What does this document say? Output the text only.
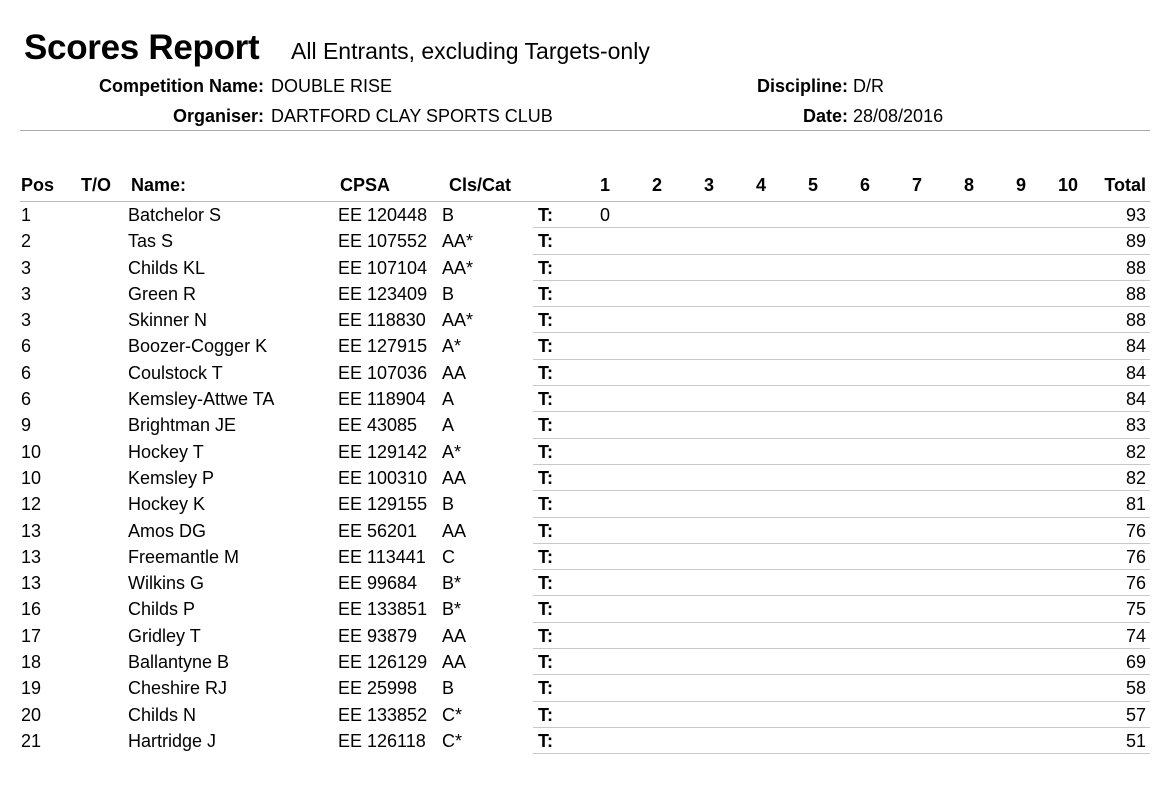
Scores Report All Entrants, excluding Targets-only
Competition Name: DOUBLE RISE
Organiser: DARTFORD CLAY SPORTS CLUB
Discipline: D/R
Date: 28/08/2016
Pos T/O Name:	CPSA	Cls/Cat	1 2 3 4 5 6 7 8 9 10 Total
1	Batchelor S	EE 120448 B	T:	0	93
2	Tas S	EE 107552 AA*	T:	89
3	Childs KL	EE 107104 AA*	T:	88
3	Green R	EE 123409 B	T:	88
3	Skinner N	EE 118830 AA*	T:	88
6	Boozer-Cogger K	EE 127915 A*	T:	84
6	Coulstock T	EE 107036 AA	T:	84
6	Kemsley-Attwe TA	EE 118904 A	T:	84
9	Brightman JE	EE 43085 A	T:	83
10	Hockey T	EE 129142 A*	T:	82
10	Kemsley P	EE 100310 AA	T:	82
12	Hockey K	EE 129155 B	T:	81
13	Amos DG	EE 56201 AA	T:	76
13	Freemantle M	EE 113441 C	T:	76
13	Wilkins G	EE 99684 B*	T:	76
16	Childs P	EE 133851 B*	T:	75
17	Gridley T	EE 93879 AA	T:	74
18	Ballantyne B	EE 126129 AA	T:	69
19	Cheshire RJ	EE 25998 B	T:	58
20	Childs N	EE 133852 C*	T:	57
21	Hartridge J	EE 126118 C*	T:	51
